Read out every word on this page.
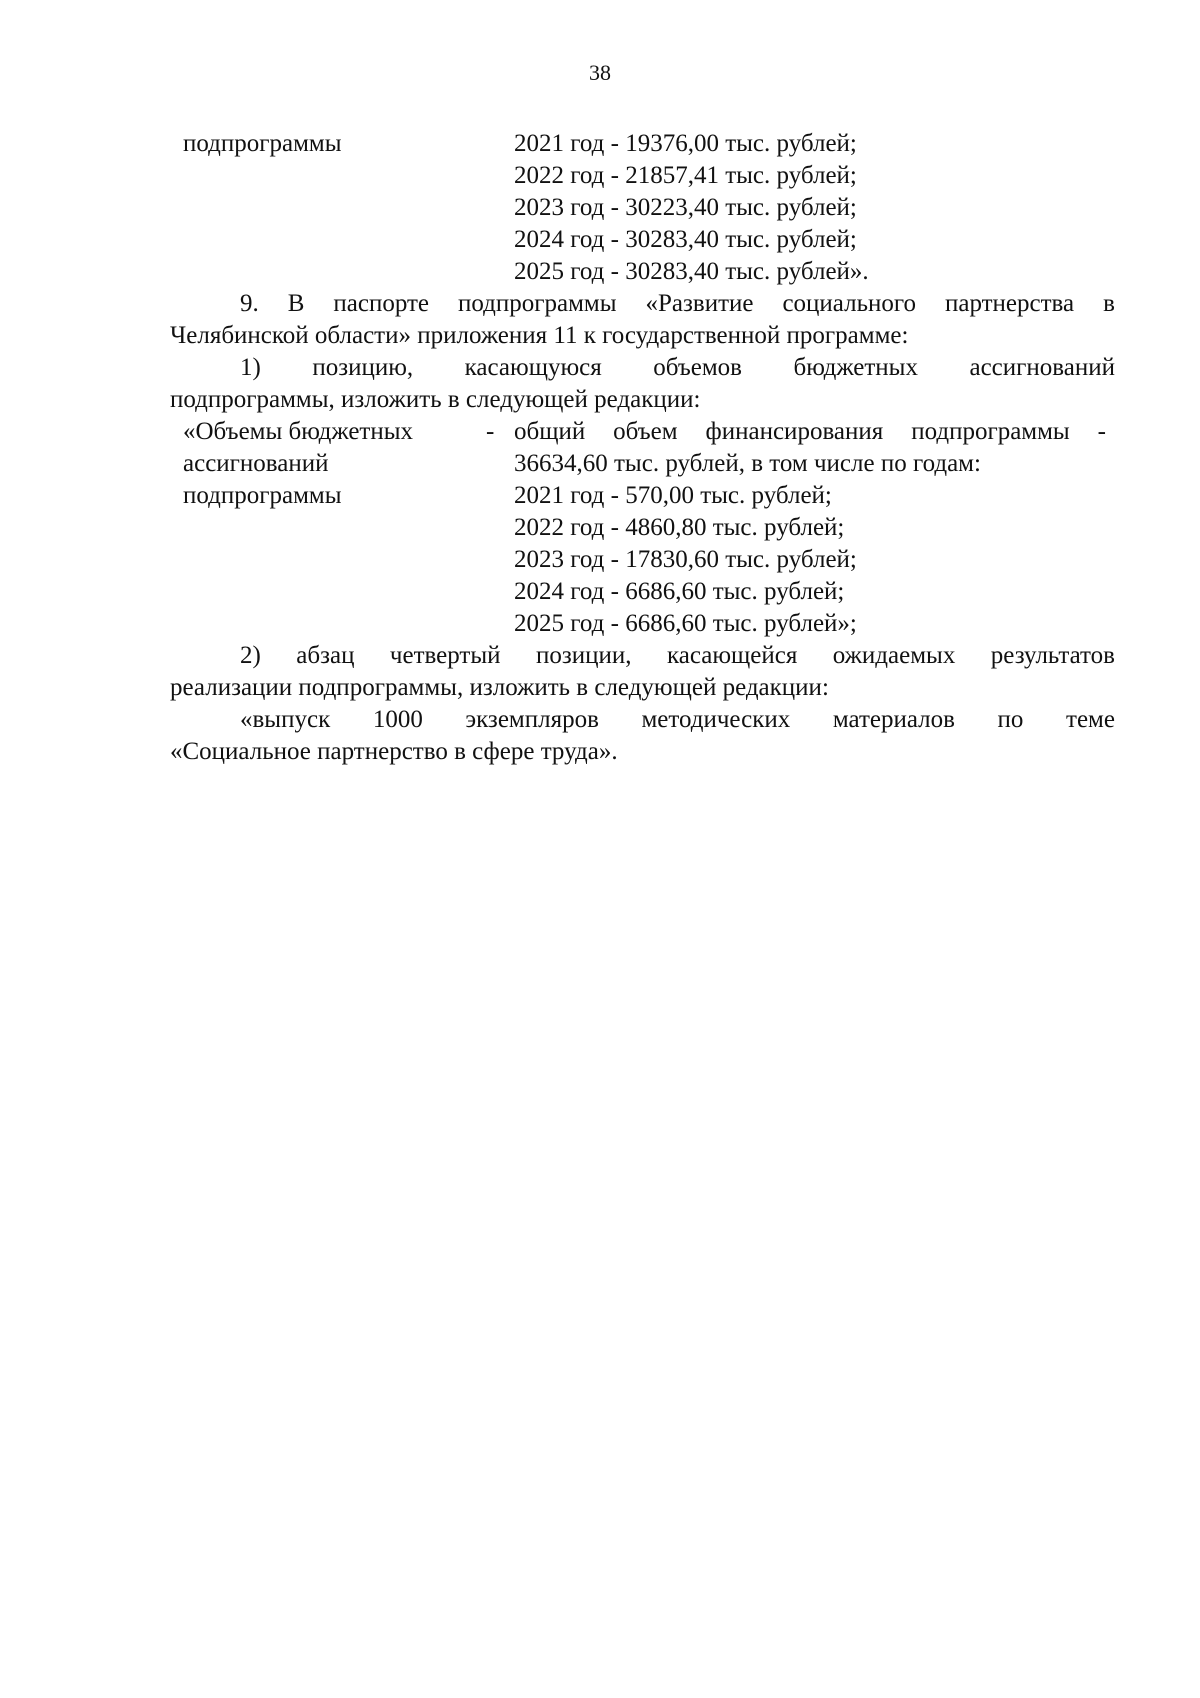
38
подпрограммы	2021 год - 19376,00 тыс. рублей;
2022 год - 21857,41 тыс. рублей;
2023 год - 30223,40 тыс. рублей;
2024 год - 30283,40 тыс. рублей;
2025 год - 30283,40 тыс. рублей».
9. В паспорте подпрограммы «Развитие социального партнерства в
Челябинской области» приложения 11 к государственной программе:
1) позицию, касающуюся объемов бюджетных ассигнований
подпрограммы, изложить в следующей редакции:
«Объемы бюджетных
ассигнований
подпрограммы
- общий объем финансирования подпрограммы -
36634,60 тыс. рублей, в том числе по годам:
2021 год - 570,00 тыс. рублей;
2022 год - 4860,80 тыс. рублей;
2023 год - 17830,60 тыс. рублей;
2024 год - 6686,60 тыс. рублей;
2025 год - 6686,60 тыс. рублей»;
2) абзац четвертый позиции, касающейся ожидаемых результатов
реализации подпрограммы, изложить в следующей редакции:
«выпуск 1000 экземпляров методических материалов по теме
«Социальное партнерство в сфере труда».
